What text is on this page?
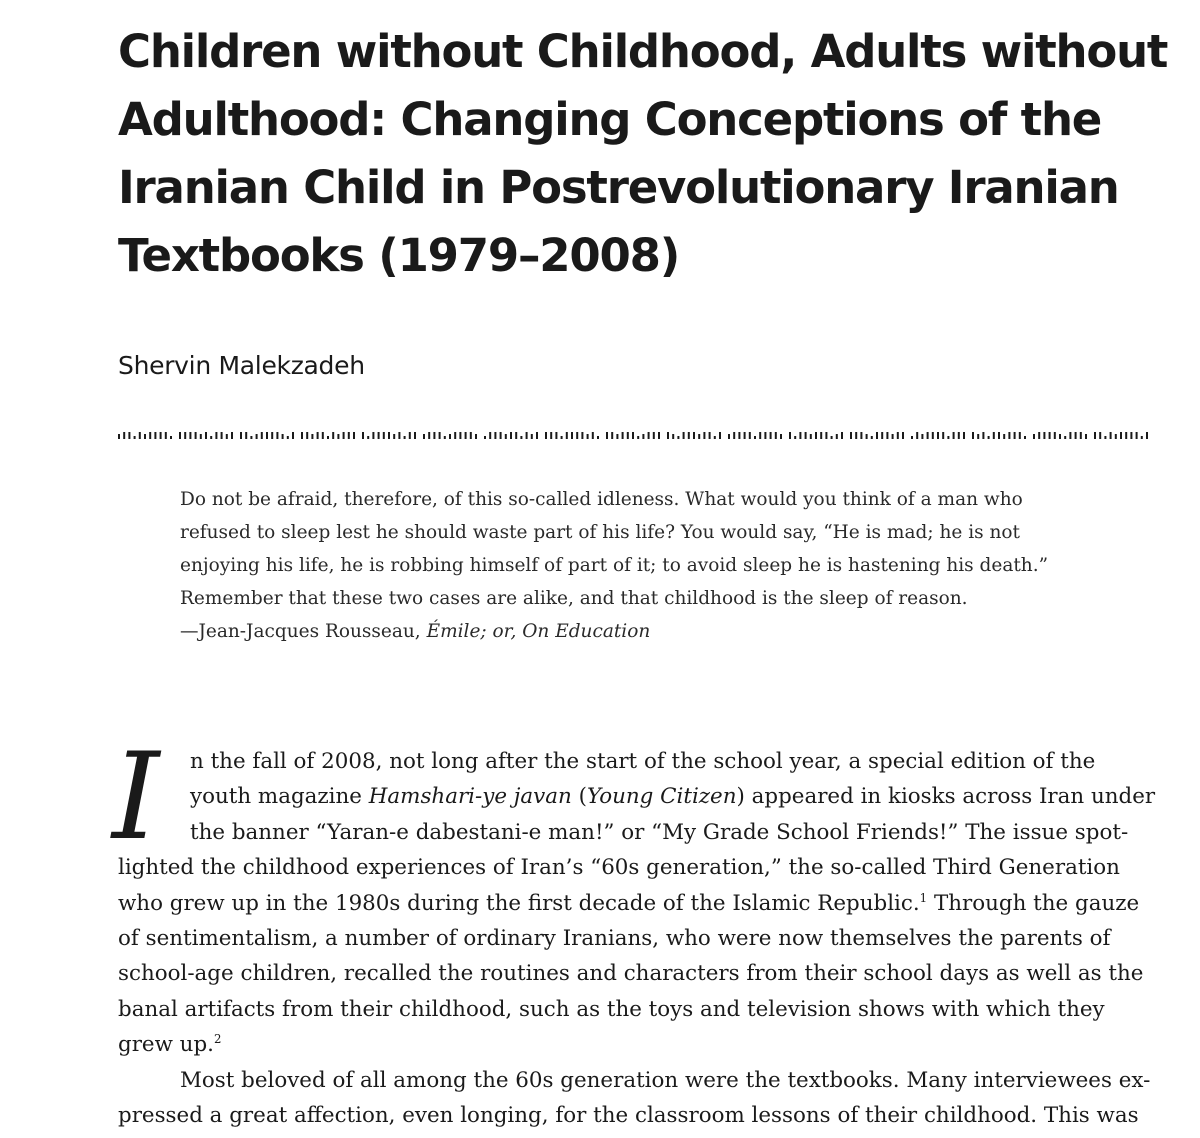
Children without Childhood, Adults without
Adulthood: Changing Conceptions of the
Iranian Child in Postrevolutionary Iranian
Textbooks (1979–2008)

Shervin Malekzadeh

Do not be afraid, therefore, of this so-called idleness. What would you think of a man who
refused to sleep lest he should waste part of his life? You would say, “He is mad; he is not
enjoying his life, he is robbing himself of part of it; to avoid sleep he is hastening his death.”
Remember that these two cases are alike, and that childhood is the sleep of reason.
—Jean-Jacques Rousseau, Émile; or, On Education
I	n the fall of 2008, not long after the start of the school year, a special edition of the
youth magazine Hamshari-ye javan (Young Citizen) appeared in kiosks across Iran under
the banner “Yaran-e dabestani-e man!” or “My Grade School Friends!” The issue spot-
lighted the childhood experiences of Iran’s “60s generation,” the so-called Third Generation
who grew up in the 1980s during the first decade of the Islamic Republic.$^1$ Through the gauze
of sentimentalism, a number of ordinary Iranians, who were now themselves the parents of
school-age children, recalled the routines and characters from their school days as well as the
banal artifacts from their childhood, such as the toys and television shows with which they
grew up.$^2$
Most beloved of all among the 60s generation were the textbooks. Many interviewees ex-
pressed a great affection, even longing, for the classroom lessons of their childhood. This was
